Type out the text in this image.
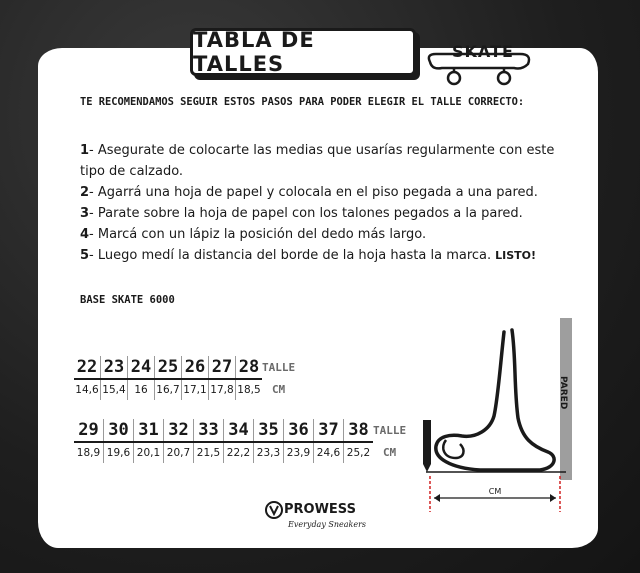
TABLA DE TALLES
SKATE
TE RECOMENDAMOS SEGUIR ESTOS PASOS PARA PODER ELEGIR EL TALLE CORRECTO:

1- Asegurate de colocarte las medias que usarías regularmente con este tipo de calzado.

2- Agarrá una hoja de papel y colocala en el piso pegada a una pared.

3- Parate sobre la hoja de papel con los talones pegados a la pared.

4- Marcá con un lápiz la posición del dedo más largo.

5- Luego medí la distancia del borde de la hoja hasta la marca. LISTO!

BASE SKATE 6000
22	23	24	25	26	27	28	TALLE
14,6	15,4	16	16,7	17,1	17,8	18,5	CM
29	30	31	32	33	34	35	36	37	38	TALLE
18,9	19,6	20,1	20,7	21,5	22,2	23,3	23,9	24,6	25,2	CM
CM
PARED
PROWESS
Everyday Sneakers
